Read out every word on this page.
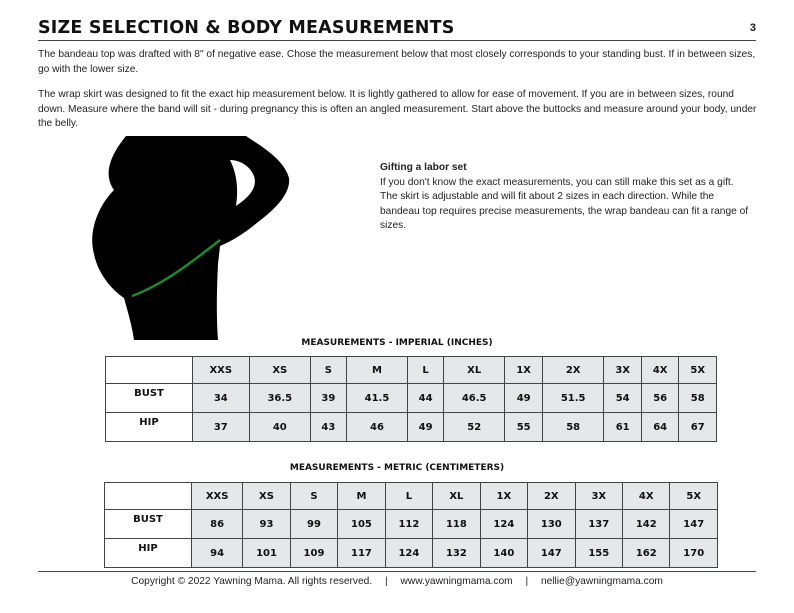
SIZE SELECTION & BODY MEASUREMENTS	3
The bandeau top was drafted with 8" of negative ease. Chose the measurement below that most closely corresponds to your standing bust. If in between sizes, go with the lower size.
The wrap skirt was designed to fit the exact hip measurement below. It is lightly gathered to allow for ease of movement. If you are in between sizes, round down. Measure where the band will sit - during pregnancy this is often an angled measurement. Start above the buttocks and measure around your body, under the belly.
Gifting a labor set
If you don't know the exact measurements, you can still make this set as a gift. The skirt is adjustable and will fit about 2 sizes in each direction. While the bandeau top requires precise measurements, the wrap bandeau can fit a range of sizes.
MEASUREMENTS - IMPERIAL (INCHES)
	XXS	XS	S	M	L	XL	1X	2X	3X	4X	5X
BUST	34	36.5	39	41.5	44	46.5	49	51.5	54	56	58
HIP	37	40	43	46	49	52	55	58	61	64	67
MEASUREMENTS - METRIC (CENTIMETERS)
	XXS	XS	S	M	L	XL	1X	2X	3X	4X	5X
BUST	86	93	99	105	112	118	124	130	137	142	147
HIP	94	101	109	117	124	132	140	147	155	162	170
Copyright © 2022 Yawning Mama. All rights reserved. | www.yawningmama.com | nellie@yawningmama.com
